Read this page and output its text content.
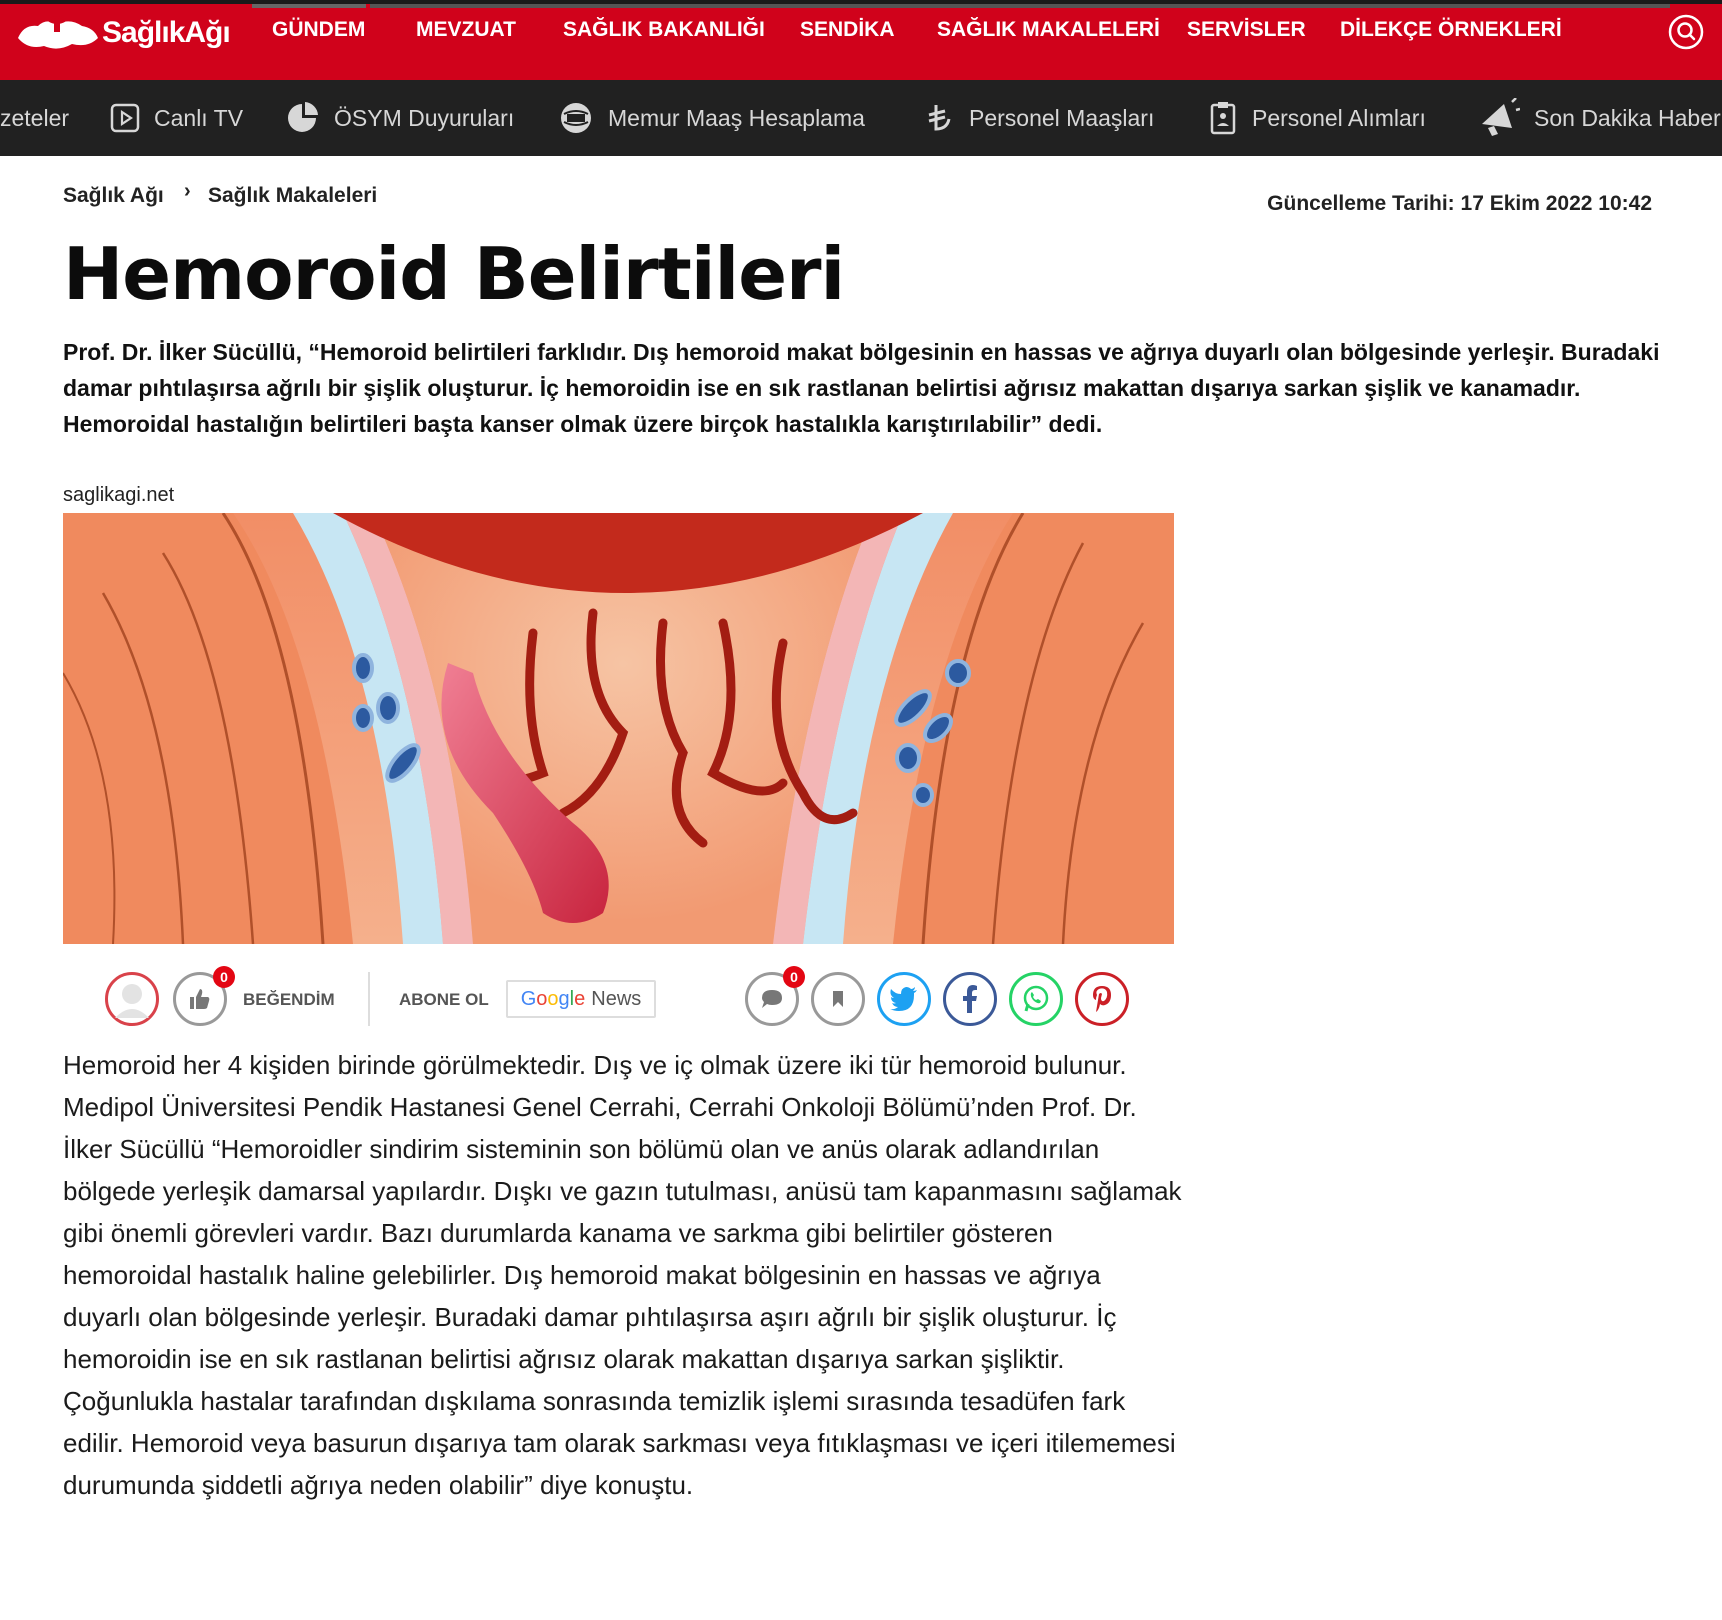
SağlıkAğı GÜNDEM MEVZUAT SAĞLIK BAKANLIĞI SENDİKA SAĞLIK MAKALELERİ SERVİSLER DİLEKÇE ÖRNEKLERİ
zeteler	Canlı TV	ÖSYM Duyuruları	Memur Maaş Hesaplama	Personel Maaşları	Personel Alımları	Son Dakika Haber
Sağlık Ağı › Sağlık Makaleleri	Güncelleme Tarihi: 17 Ekim 2022 10:42
Hemoroid Belirtileri

Prof. Dr. İlker Sücüllü, “Hemoroid belirtileri farklıdır. Dış hemoroid makat bölgesinin en hassas ve ağrıya duyarlı olan bölgesinde yerleşir. Buradaki damar pıhtılaşırsa ağrılı bir şişlik oluşturur. İç hemoroidin ise en sık rastlanan belirtisi ağrısız makattan dışarıya sarkan şişlik ve kanamadır. Hemoroidal hastalığın belirtileri başta kanser olmak üzere birçok hastalıkla karıştırılabilir” dedi.

saglikagi.net
0
BEĞENDİM	ABONE OL Google News
0

Hemoroid her 4 kişiden birinde görülmektedir. Dış ve iç olmak üzere iki tür hemoroid bulunur. Medipol Üniversitesi Pendik Hastanesi Genel Cerrahi, Cerrahi Onkoloji Bölümü’nden Prof. Dr. İlker Sücüllü “Hemoroidler sindirim sisteminin son bölümü olan ve anüs olarak adlandırılan bölgede yerleşik damarsal yapılardır. Dışkı ve gazın tutulması, anüsü tam kapanmasını sağlamak gibi önemli görevleri vardır. Bazı durumlarda kanama ve sarkma gibi belirtiler gösteren hemoroidal hastalık haline gelebilirler. Dış hemoroid makat bölgesinin en hassas ve ağrıya duyarlı olan bölgesinde yerleşir. Buradaki damar pıhtılaşırsa aşırı ağrılı bir şişlik oluşturur. İç hemoroidin ise en sık rastlanan belirtisi ağrısız olarak makattan dışarıya sarkan şişliktir. Çoğunlukla hastalar tarafından dışkılama sonrasında temizlik işlemi sırasında tesadüfen fark edilir. Hemoroid veya basurun dışarıya tam olarak sarkması veya fıtıklaşması ve içeri itilememesi durumunda şiddetli ağrıya neden olabilir” diye konuştu.
